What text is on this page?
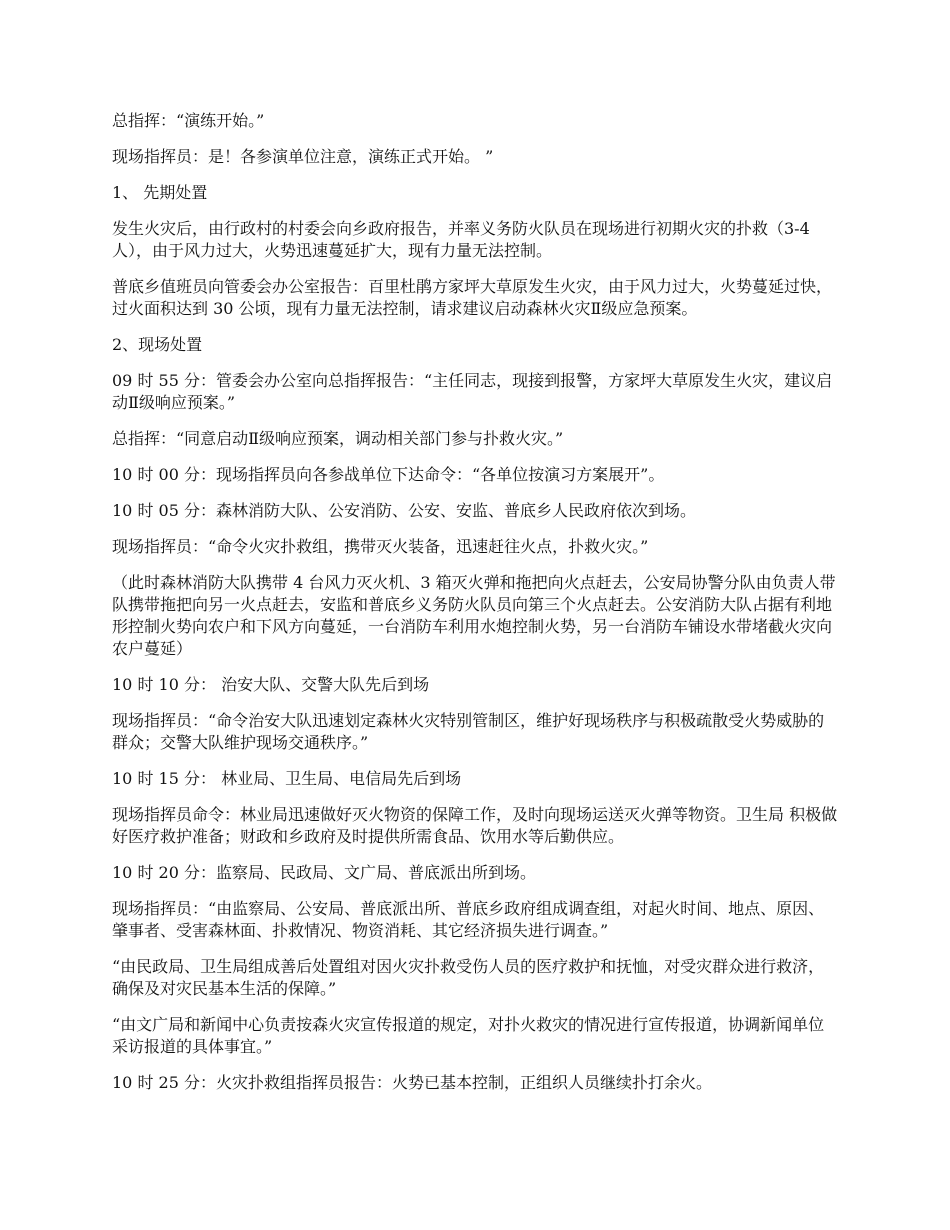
总指挥：“演练开始。”

现场指挥员：是！各参演单位注意，演练正式开始。 ”

1、 先期处置

发生火灾后，由行政村的村委会向乡政府报告，并率义务防火队员在现场进行初期火灾的扑救（3-4 人），由于风力过大，火势迅速蔓延扩大，现有力量无法控制。

普底乡值班员向管委会办公室报告：百里杜鹃方家坪大草原发生火灾，由于风力过大，火势蔓延过快，过火面积达到 30 公顷，现有力量无法控制，请求建议启动森林火灾Ⅱ级应急预案。

2、现场处置

09 时 55 分：管委会办公室向总指挥报告：“主任同志，现接到报警，方家坪大草原发生火灾，建议启动Ⅱ级响应预案。”

总指挥：“同意启动Ⅱ级响应预案，调动相关部门参与扑救火灾。”

10 时 00 分：现场指挥员向各参战单位下达命令：“各单位按演习方案展开”。

10 时 05 分：森林消防大队、公安消防、公安、安监、普底乡人民政府依次到场。

现场指挥员：“命令火灾扑救组，携带灭火装备，迅速赶往火点，扑救火灾。”

（此时森林消防大队携带 4 台风力灭火机、3 箱灭火弹和拖把向火点赶去，公安局协警分队由负责人带队携带拖把向另一火点赶去，安监和普底乡义务防火队员向第三个火点赶去。公安消防大队占据有利地形控制火势向农户和下风方向蔓延，一台消防车利用水炮控制火势，另一台消防车铺设水带堵截火灾向农户蔓延）

10 时 10 分： 治安大队、交警大队先后到场

现场指挥员：“命令治安大队迅速划定森林火灾特别管制区，维护好现场秩序与积极疏散受火势威胁的群众；交警大队维护现场交通秩序。”

10 时 15 分： 林业局、卫生局、电信局先后到场

现场指挥员命令：林业局迅速做好灭火物资的保障工作，及时向现场运送灭火弹等物资。卫生局 积极做好医疗救护准备；财政和乡政府及时提供所需食品、饮用水等后勤供应。

10 时 20 分：监察局、民政局、文广局、普底派出所到场。

现场指挥员：“由监察局、公安局、普底派出所、普底乡政府组成调查组，对起火时间、地点、原因、肇事者、受害森林面、扑救情况、物资消耗、其它经济损失进行调查。”

“由民政局、卫生局组成善后处置组对因火灾扑救受伤人员的医疗救护和抚恤，对受灾群众进行救济，确保及对灾民基本生活的保障。”

“由文广局和新闻中心负责按森火灾宣传报道的规定，对扑火救灾的情况进行宣传报道，协调新闻单位采访报道的具体事宜。”

10 时 25 分：火灾扑救组指挥员报告：火势已基本控制，正组织人员继续扑打余火。
